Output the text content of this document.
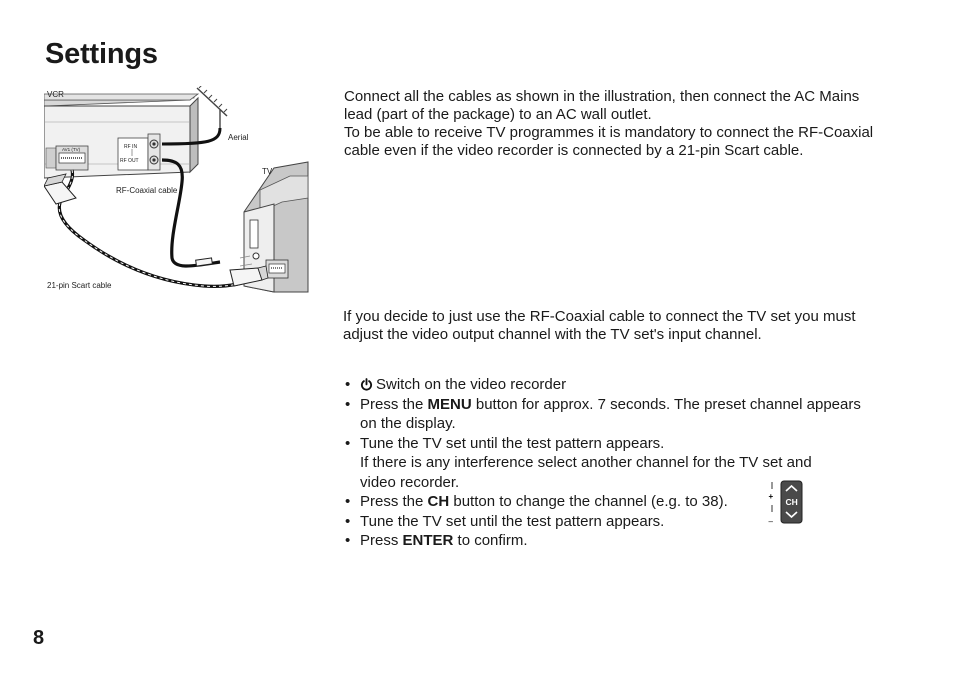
Settings
VCR
RF IN
RF OUT
AV1 (TV)
Aerial
TV
RF-Coaxial cable
21-pin Scart cable

Connect all the cables as shown in the illustration, then connect the AC Mains
lead (part of the package) to an AC wall outlet.
To be able to receive TV programmes it is mandatory to connect the RF-Coaxial
cable even if the video recorder is connected by a 21-pin Scart cable.

If you decide to just use the RF-Coaxial cable to connect the TV set you must
adjust the video output channel with the TV set's input channel.

• Switch on the video recorder
• Press the MENU button for approx. 7 seconds. The preset channel appears
on the display.
• Tune the TV set until the test pattern appears.
If there is any interference select another channel for the TV set and
video recorder.
• Press the CH button to change the channel (e.g. to 38).
• Tune the TV set until the test pattern appears.
• Press ENTER to confirm.
+
–
CH
8
